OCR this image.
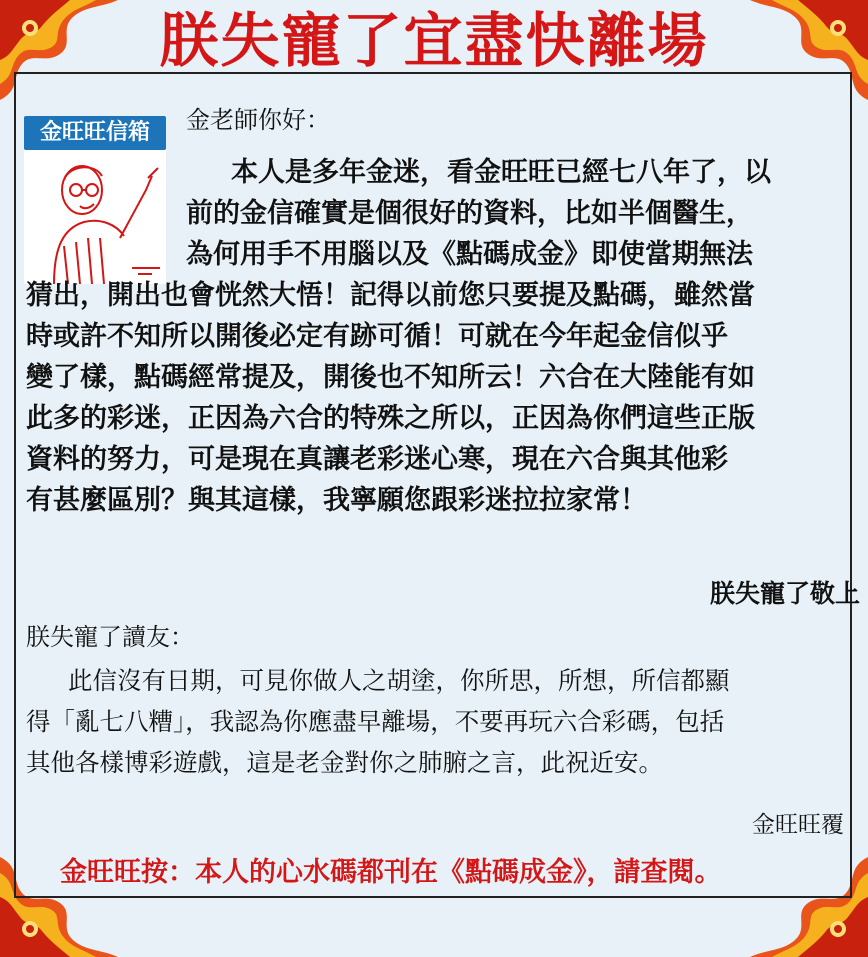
朕失寵了宜盡快離場
金旺旺信箱	金老師你好：
本人是多年金迷，看金旺旺已經七八年了，以
前的金信確實是個很好的資料，比如半個醫生，
為何用手不用腦以及《點碼成金》即使當期無法
猜出，開出也會恍然大悟！記得以前您只要提及點碼，雖然當
時或許不知所以開後必定有跡可循！可就在今年起金信似乎
變了樣，點碼經常提及，開後也不知所云！六合在大陸能有如
此多的彩迷，正因為六合的特殊之所以，正因為你們這些正版
資料的努力，可是現在真讓老彩迷心寒，現在六合與其他彩
有甚麼區別？與其這樣，我寧願您跟彩迷拉拉家常！
朕失寵了敬上
朕失寵了讀友：
此信沒有日期，可見你做人之胡塗，你所思，所想，所信都顯
得「亂七八糟」，我認為你應盡早離場，不要再玩六合彩碼，包括
其他各樣博彩遊戲，這是老金對你之肺腑之言，此祝近安。
金旺旺覆
金旺旺按：本人的心水碼都刊在《點碼成金》，請查閱。
